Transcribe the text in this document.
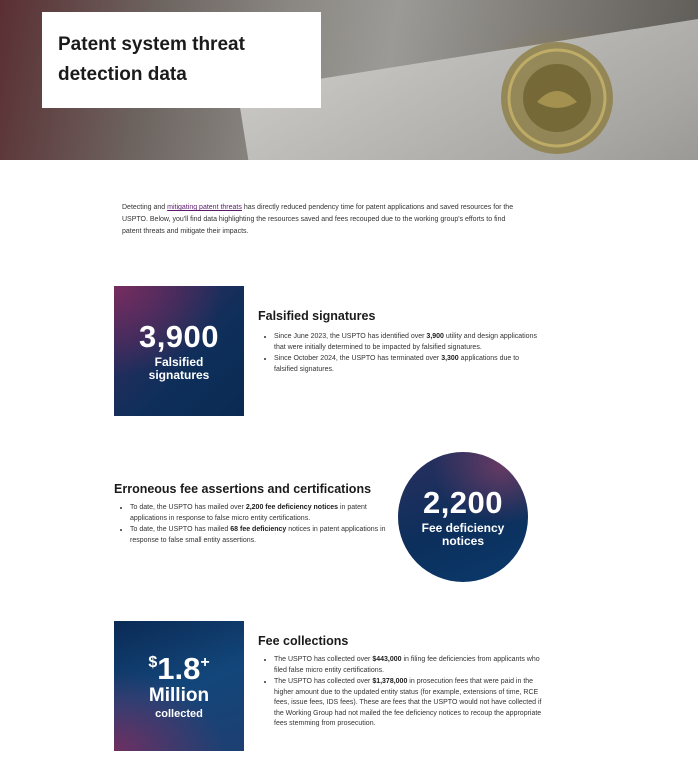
Patent system threat detection data

Detecting and mitigating patent threats has directly reduced pendency time for patent applications and saved resources for the USPTO. Below, you'll find data highlighting the resources saved and fees recouped due to the working group's efforts to find patent threats and mitigate their impacts.

3,900
Falsified
signatures
Falsified signatures
• Since June 2023, the USPTO has identified over 3,900 utility and design applications that were initially determined to be impacted by falsified signatures.
• Since October 2024, the USPTO has terminated over 3,300 applications due to falsified signatures.
Erroneous fee assertions and certifications
• To date, the USPTO has mailed over 2,200 fee deficiency notices in patent applications in response to false micro entity certifications.
• To date, the USPTO has mailed 68 fee deficiency notices in patent applications in response to false small entity assertions.
2,200
Fee deficiency
notices
$ 1.8 +
Million
collected
Fee collections
• The USPTO has collected over $443,000 in filing fee deficiencies from applicants who filed false micro entity certifications.
• The USPTO has collected over $1,378,000 in prosecution fees that were paid in the higher amount due to the updated entity status (for example, extensions of time, RCE fees, issue fees, IDS fees). These are fees that the USPTO would not have collected if the Working Group had not mailed the fee deficiency notices to recoup the appropriate fees stemming from prosecution.
